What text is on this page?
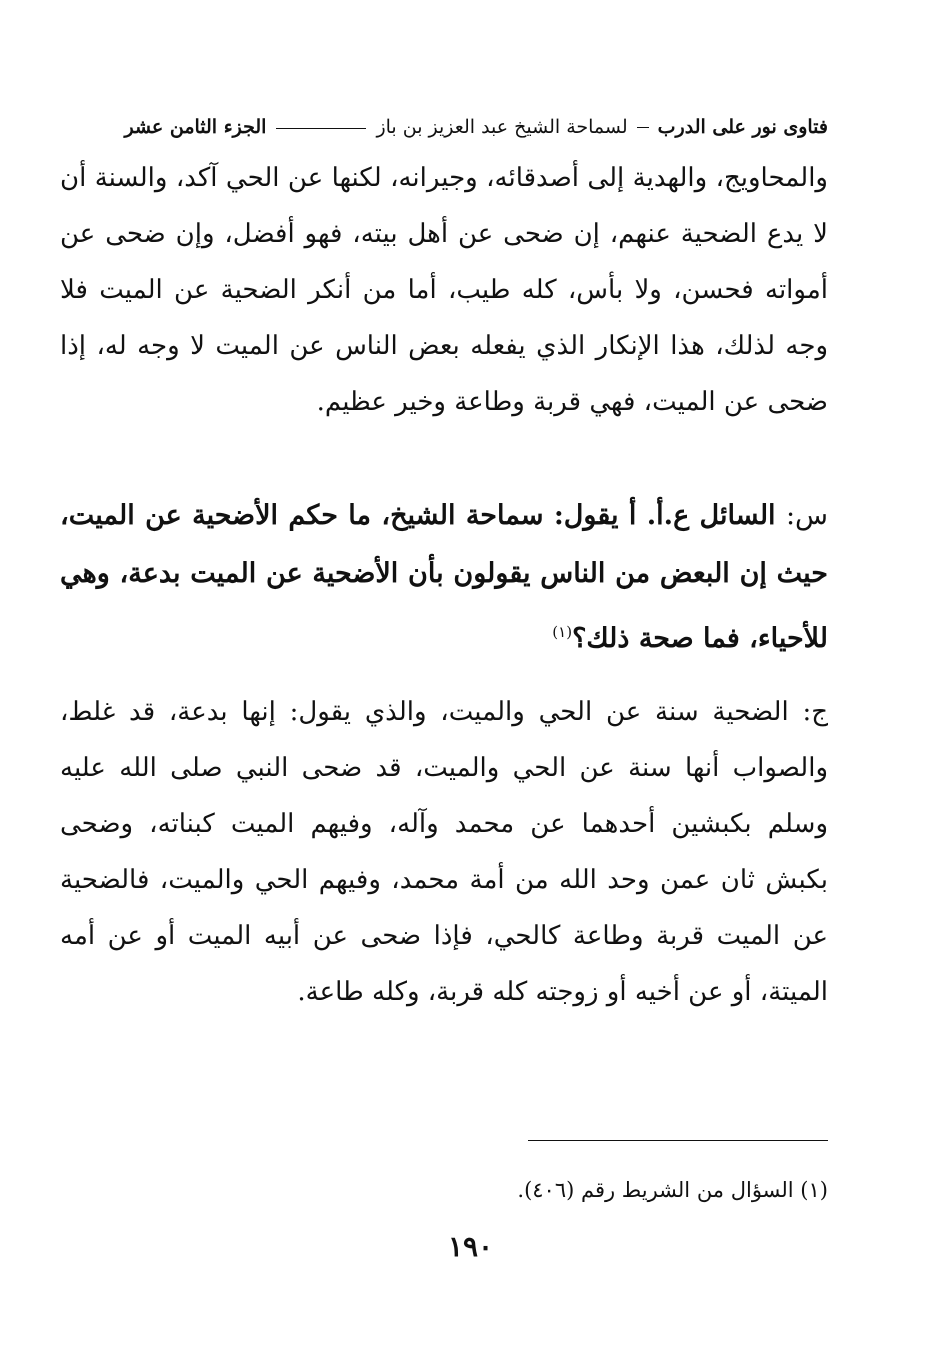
فتاوى نور على الدرب
لسماحة الشيخ عبد العزيز بن باز
الجزء الثامن عشر
والمحاويج، والهدية إلى أصدقائه، وجيرانه، لكنها عن الحي آكد، والسنة أن لا يدع الضحية عنهم، إن ضحى عن أهل بيته، فهو أفضل، وإن ضحى عن أمواته فحسن، ولا بأس، كله طيب، أما من أنكر الضحية عن الميت فلا وجه لذلك، هذا الإنكار الذي يفعله بعض الناس عن الميت لا وجه له، إذا ضحى عن الميت، فهي قربة وطاعة وخير عظيم.
س: السائل ع.أ. أ يقول: سماحة الشيخ، ما حكم الأضحية عن الميت، حيث إن البعض من الناس يقولون بأن الأضحية عن الميت بدعة، وهي للأحياء، فما صحة ذلك؟$^{(١)}$
ج: الضحية سنة عن الحي والميت، والذي يقول: إنها بدعة، قد غلط، والصواب أنها سنة عن الحي والميت، قد ضحى النبي صلى الله عليه وسلم بكبشين أحدهما عن محمد وآله، وفيهم الميت كبناته، وضحى بكبش ثان عمن وحد الله من أمة محمد، وفيهم الحي والميت، فالضحية عن الميت قربة وطاعة كالحي، فإذا ضحى عن أبيه الميت أو عن أمه الميتة، أو عن أخيه أو زوجته كله قربة، وكله طاعة.
(١) السؤال من الشريط رقم (٤٠٦).
١٩٠
